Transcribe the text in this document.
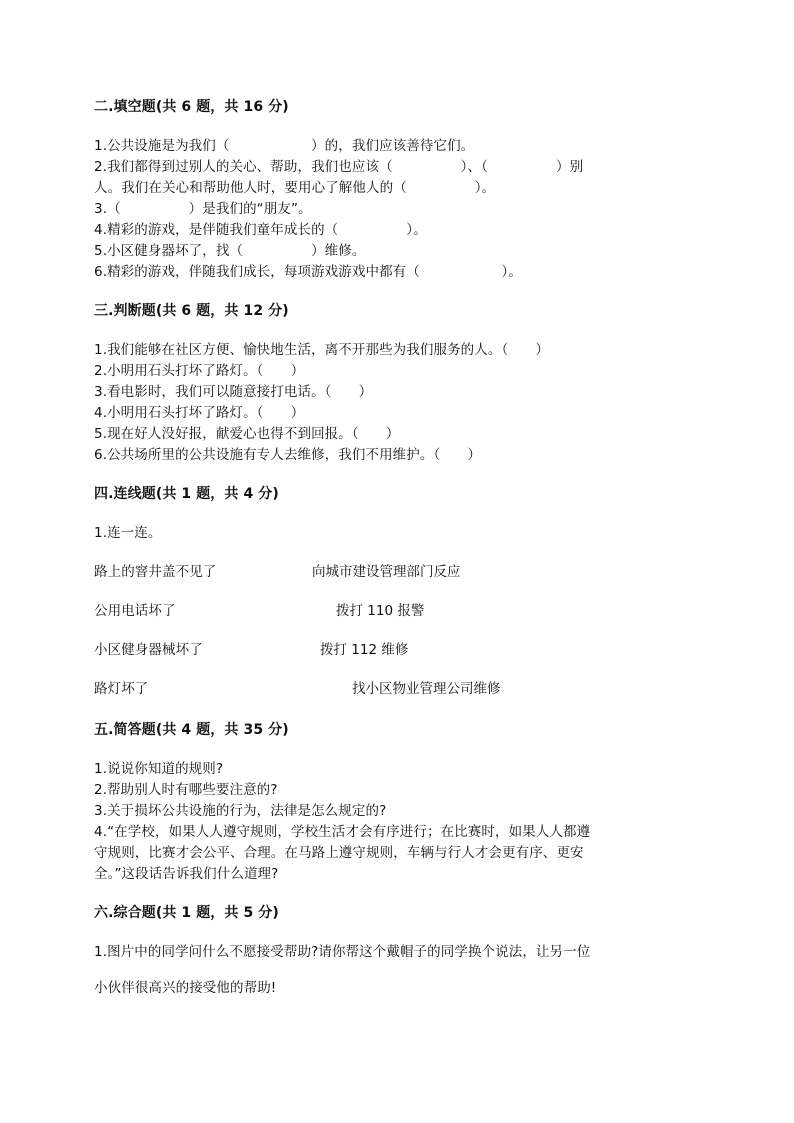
二.填空题(共 6 题，共 16 分)
1.公共设施是为我们（　　　　　　）的，我们应该善待它们。
2.我们都得到过别人的关心、帮助，我们也应该（　　　　　）、（　　　　　）别
人。我们在关心和帮助他人时，要用心了解他人的（　　　　　）。
3.（　　　　　）是我们的“朋友”。
4.精彩的游戏，是伴随我们童年成长的（　　　　　）。
5.小区健身器坏了，找（　　　　　）维修。
6.精彩的游戏，伴随我们成长，每项游戏游戏中都有（　　　　　　）。
三.判断题(共 6 题，共 12 分)
1.我们能够在社区方便、愉快地生活，离不开那些为我们服务的人。（　　）
2.小明用石头打坏了路灯。（　　）
3.看电影时，我们可以随意接打电话。（　　）
4.小明用石头打坏了路灯。（　　）
5.现在好人没好报，献爱心也得不到回报。（　　）
6.公共场所里的公共设施有专人去维修，我们不用维护。（　　）
四.连线题(共 1 题，共 4 分)
1.连一连。
路上的窨井盖不见了	向城市建设管理部门反应
公用电话坏了	拨打 110 报警
小区健身器械坏了	拨打 112 维修
路灯坏了	找小区物业管理公司维修
五.简答题(共 4 题，共 35 分)
1.说说你知道的规则?
2.帮助别人时有哪些要注意的?
3.关于损坏公共设施的行为，法律是怎么规定的?
4.“在学校，如果人人遵守规则，学校生活才会有序进行；在比赛时，如果人人都遵
守规则，比赛才会公平、合理。在马路上遵守规则，车辆与行人才会更有序、更安
全。”这段话告诉我们什么道理?
六.综合题(共 1 题，共 5 分)
1.图片中的同学问什么不愿接受帮助?请你帮这个戴帽子的同学换个说法，让另一位
小伙伴很高兴的接受他的帮助!
